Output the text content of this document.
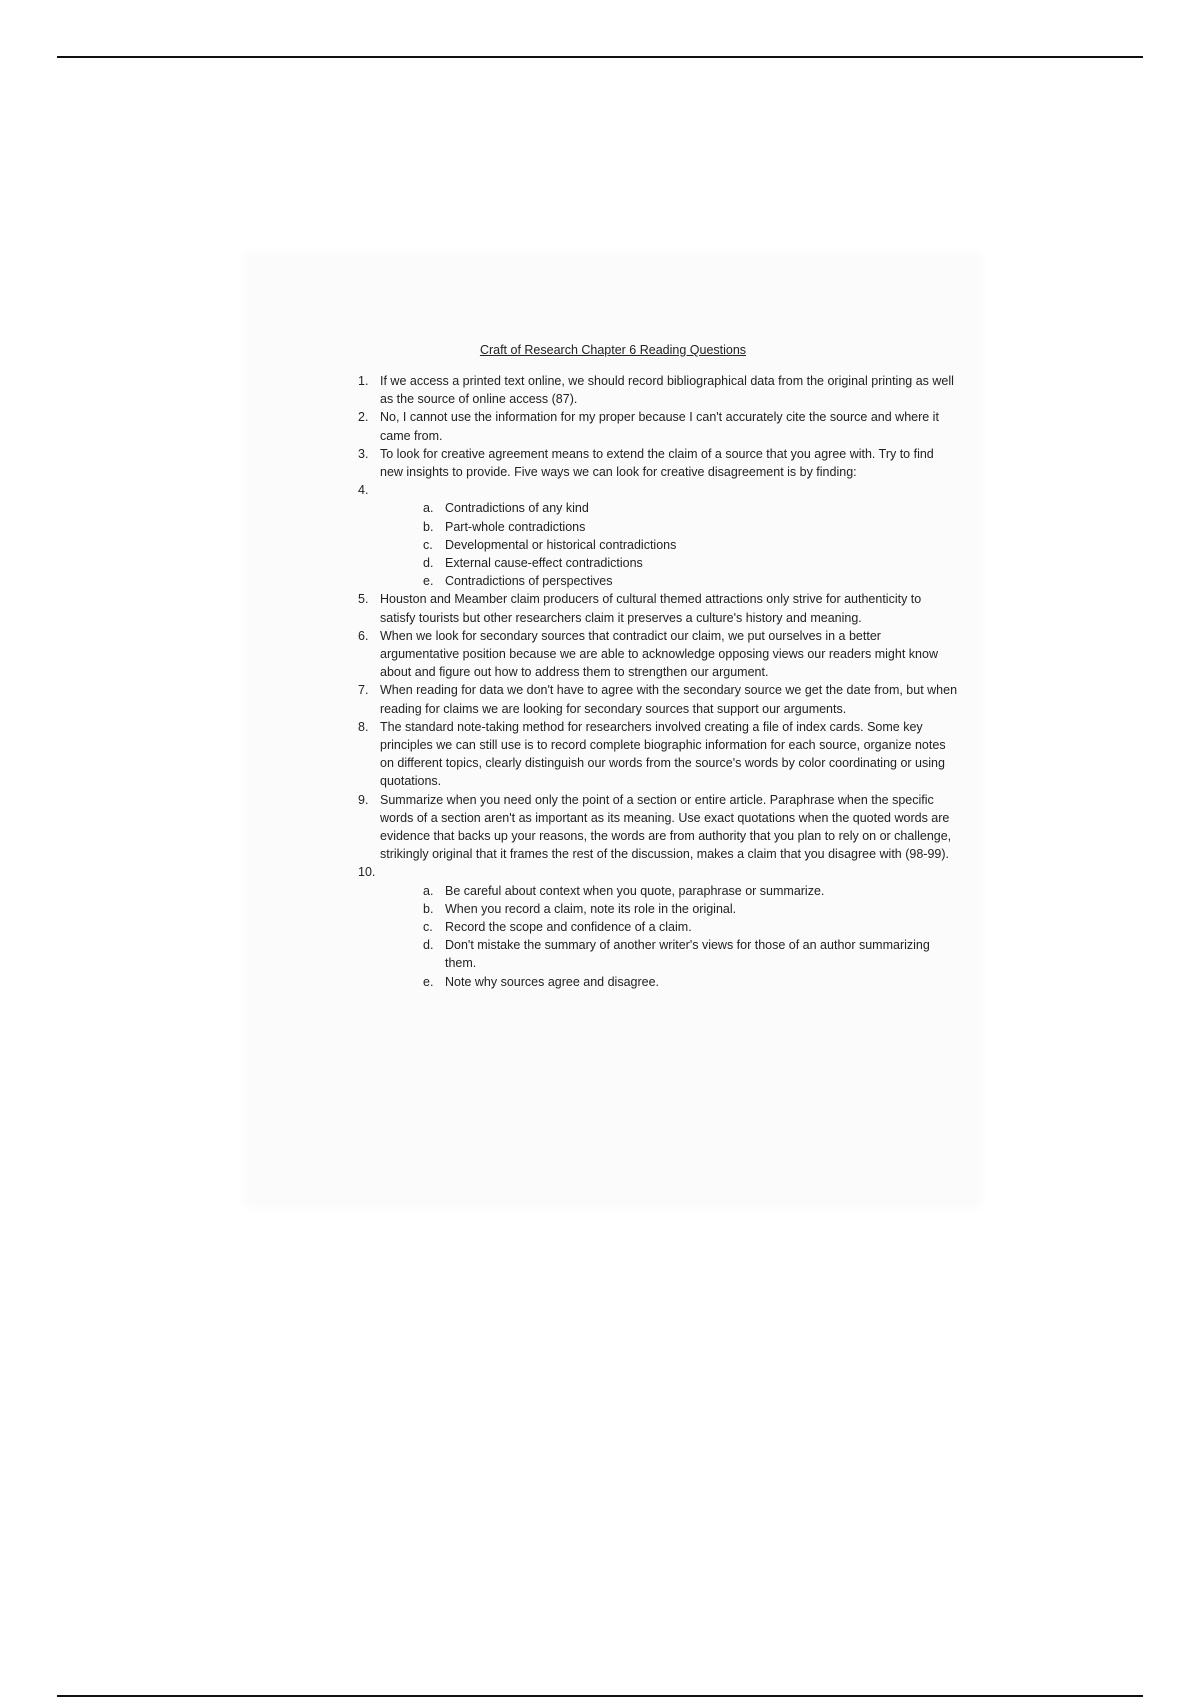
Craft of Research Chapter 6 Reading Questions
1. If we access a printed text online, we should record bibliographical data from the original printing as well as the source of online access (87).
2. No, I cannot use the information for my proper because I can't accurately cite the source and where it came from.
3. To look for creative agreement means to extend the claim of a source that you agree with. Try to find new insights to provide. Five ways we can look for creative disagreement is by finding:
4.
a. Contradictions of any kind
b. Part-whole contradictions
c. Developmental or historical contradictions
d. External cause-effect contradictions
e. Contradictions of perspectives
5. Houston and Meamber claim producers of cultural themed attractions only strive for authenticity to satisfy tourists but other researchers claim it preserves a culture's history and meaning.
6. When we look for secondary sources that contradict our claim, we put ourselves in a better argumentative position because we are able to acknowledge opposing views our readers might know about and figure out how to address them to strengthen our argument.
7. When reading for data we don't have to agree with the secondary source we get the date from, but when reading for claims we are looking for secondary sources that support our arguments.
8. The standard note-taking method for researchers involved creating a file of index cards. Some key principles we can still use is to record complete biographic information for each source, organize notes on different topics, clearly distinguish our words from the source's words by color coordinating or using quotations.
9. Summarize when you need only the point of a section or entire article. Paraphrase when the specific words of a section aren't as important as its meaning. Use exact quotations when the quoted words are evidence that backs up your reasons, the words are from authority that you plan to rely on or challenge, strikingly original that it frames the rest of the discussion, makes a claim that you disagree with (98-99).
10.
a. Be careful about context when you quote, paraphrase or summarize.
b. When you record a claim, note its role in the original.
c. Record the scope and confidence of a claim.
d. Don't mistake the summary of another writer's views for those of an author summarizing them.
e. Note why sources agree and disagree.
